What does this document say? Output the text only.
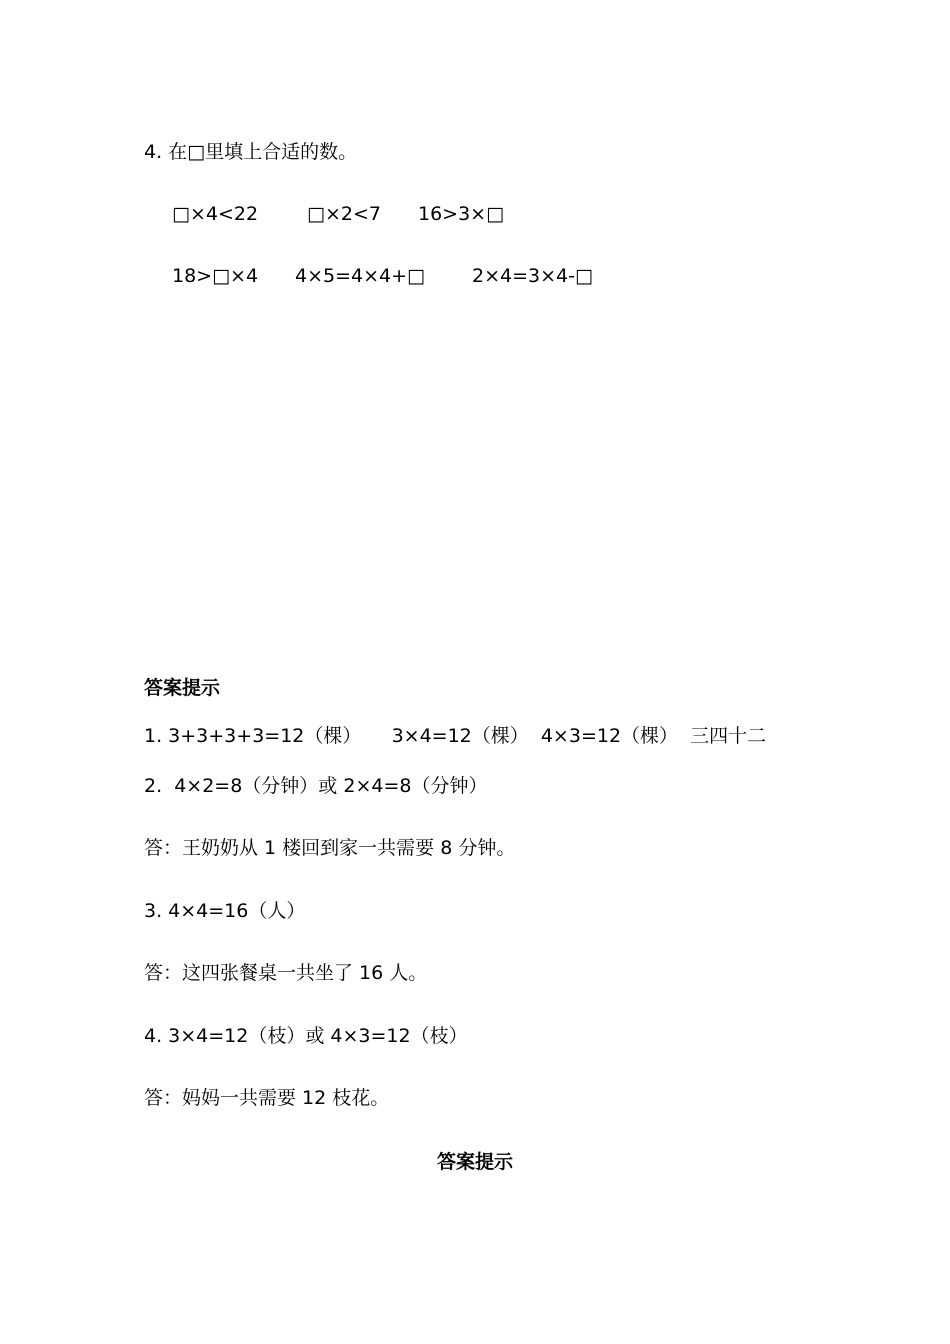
4. 在□里填上合适的数。
□×4<22	□×2<7 16>3×□
18>□×4 4×5=4×4+□ 2×4=3×4-□
答案提示
1. 3+3+3+3=12（棵）     3×4=12（棵）  4×3=12（棵）  三四十二
2.  4×2=8（分钟）或 2×4=8（分钟）
答：王奶奶从 1 楼回到家一共需要 8 分钟。
3. 4×4=16（人）
答：这四张餐桌一共坐了 16 人。
4. 3×4=12（枝）或 4×3=12（枝）
答：妈妈一共需要 12 枝花。
答案提示
